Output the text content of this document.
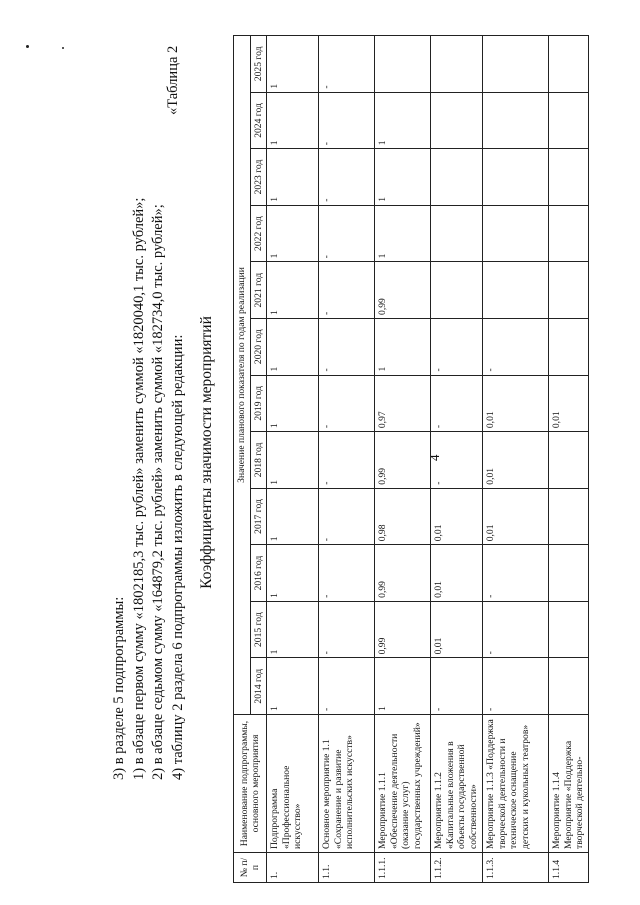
4
3) в разделе 5 подпрограммы: 1) в абзаце первом сумму «1802185,3 тыс. рублей» заменить суммой «1820040,1 тыс. рублей»; 2) в абзаце седьмом сумму «164879,2 тыс. рублей» заменить суммой «182734,0 тыс. рублей»; 4) таблицу 2 раздела 6 подпрограммы изложить в следующей редакции:
«Таблица 2
Коэффициенты значимости мероприятий
№ п/п	Наименование подпрограммы, основного мероприятия	Значение планового показателя по годам реализации											
		2014 год	2015 год	2016 год	2017 год	2018 год	2019 год	2020 год	2021 год	2022 год	2023 год	2024 год	2025 год
1.	Подпрограмма «Профессиональное искусство»	1	1	1	1	1	1	1	1	1	1	1	1
1.1.	Основное мероприятие 1.1 «Сохранение и развитие исполнительских искусств»	-	-	-	-	-	-	-	-	-	-	-	-
1.1.1.	Мероприятие 1.1.1 «Обеспечение деятельности (оказание услуг) государственных учреждений»	1	0,99	0,99	0,98	0,99	0,97	1	0,99	1	1	1	
1.1.2.	Мероприятие 1.1.2 «Капитальные вложения в объекты государственной собственности»	-	0,01	0,01	0,01	-	-	-					
1.1.3.	Мероприятие 1.1.3 «Поддержка творческой деятельности и техническое оснащение детских и кукольных театров»	-	-	-	0,01	0,01	0,01	-					
1.1.4	Мероприятие 1.1.4 Мероприятие «Поддержка творческой деятельно-						0,01						
